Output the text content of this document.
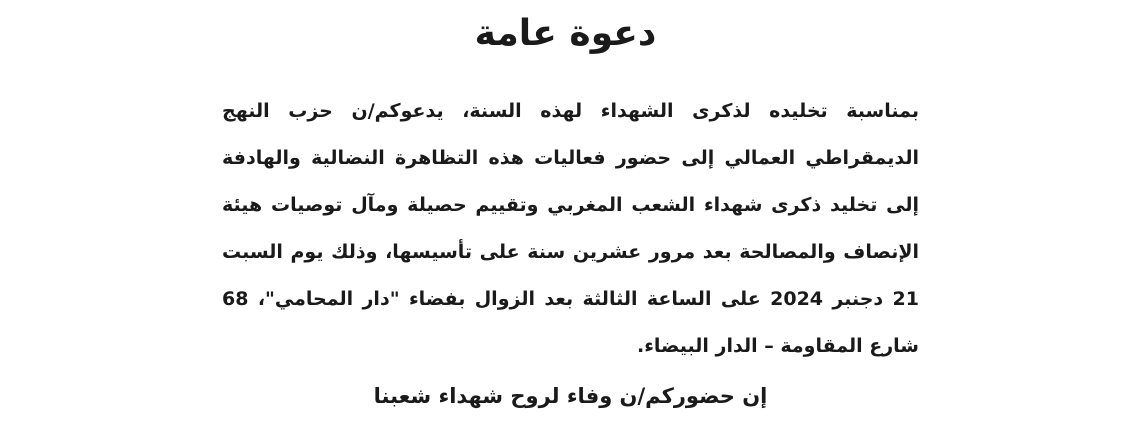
دعوة عامة

بمناسبة تخليده لذكرى الشهداء لهذه السنة، يدعوكم/ن حزب النهج الديمقراطي العمالي إلى حضور فعاليات هذه التظاهرة النضالية والهادفة إلى تخليد ذكرى شهداء الشعب المغربي وتقييم حصيلة ومآل توصيات هيئة الإنصاف والمصالحة بعد مرور عشرين سنة على تأسيسها، وذلك يوم السبت 21 دجنبر 2024 على الساعة الثالثة بعد الزوال بفضاء "دار المحامي"، 68 شارع المقاومة – الدار البيضاء.

إن حضوركم/ن وفاء لروح شهداء شعبنا
